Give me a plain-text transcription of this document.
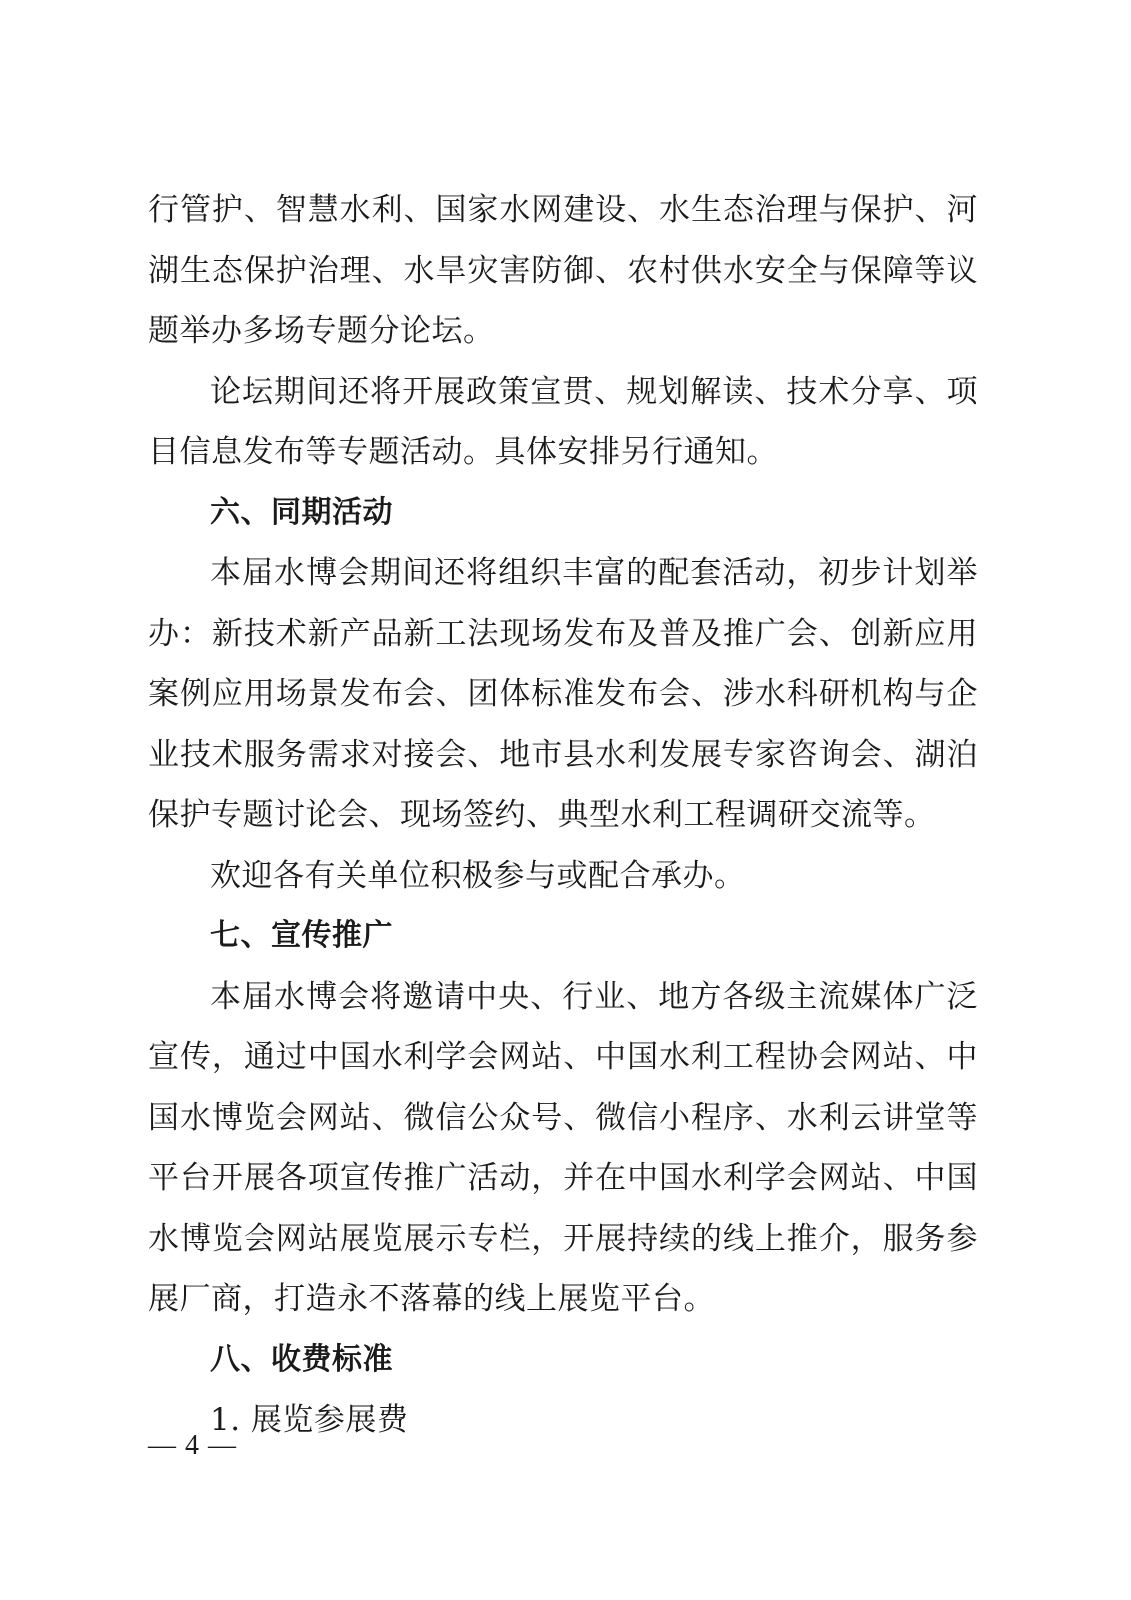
行管护、智慧水利、国家水网建设、水生态治理与保护、河湖生态保护治理、水旱灾害防御、农村供水安全与保障等议题举办多场专题分论坛。

论坛期间还将开展政策宣贯、规划解读、技术分享、项目信息发布等专题活动。具体安排另行通知。

六、同期活动

本届水博会期间还将组织丰富的配套活动，初步计划举办：新技术新产品新工法现场发布及普及推广会、创新应用案例应用场景发布会、团体标准发布会、涉水科研机构与企业技术服务需求对接会、地市县水利发展专家咨询会、湖泊保护专题讨论会、现场签约、典型水利工程调研交流等。

欢迎各有关单位积极参与或配合承办。

七、宣传推广

本届水博会将邀请中央、行业、地方各级主流媒体广泛宣传，通过中国水利学会网站、中国水利工程协会网站、中国水博览会网站、微信公众号、微信小程序、水利云讲堂等平台开展各项宣传推广活动，并在中国水利学会网站、中国水博览会网站展览展示专栏，开展持续的线上推介，服务参展厂商，打造永不落幕的线上展览平台。

八、收费标准

1. 展览参展费

— 4 —
